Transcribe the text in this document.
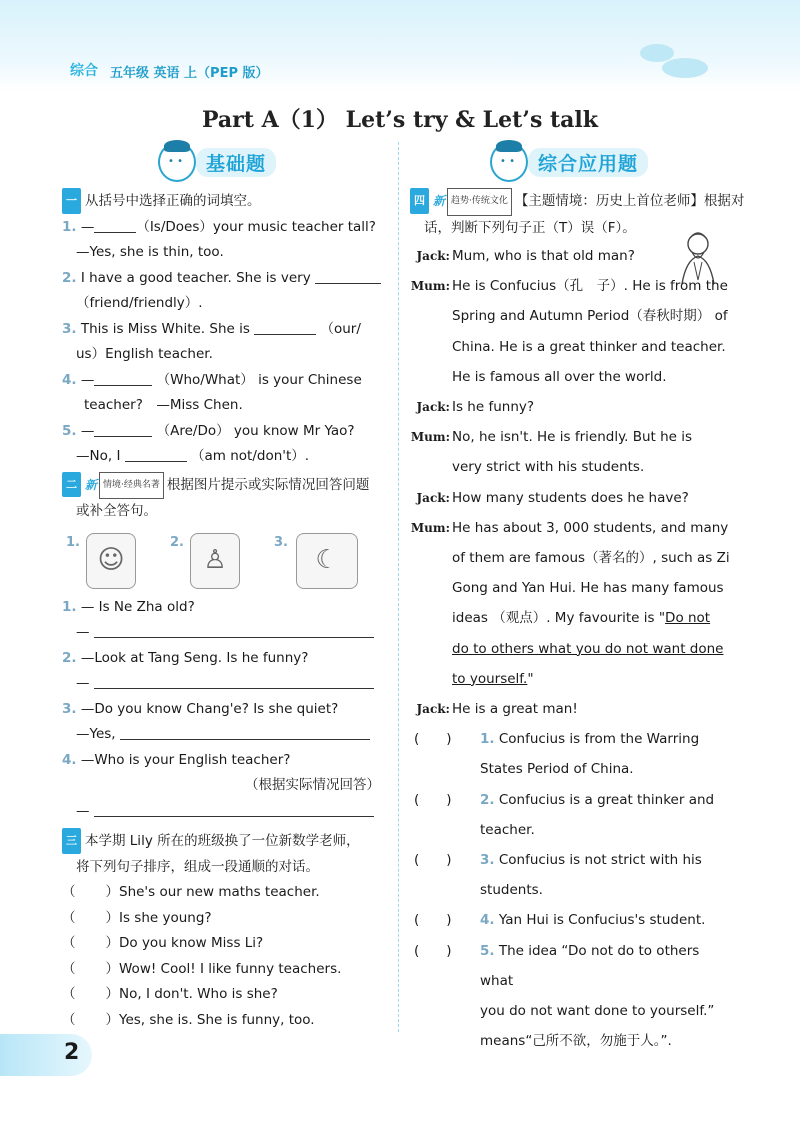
综合 五年级 英语 上（PEP 版）
Part A（1） Let’s try & Let’s talk
• •
基础题
一 从括号中选择正确的词填空。
1. —	（Is/Does）your music teacher tall?
—Yes, she is thin, too.
2. I have a good teacher. She is very
（friend/friendly）.
3. This is Miss White. She is	（our/
us）English teacher.
4. —	（Who/What） is your Chinese
teacher?　—Miss Chen.
5. —	（Are/Do） you know Mr Yao?
—No, I	（am not/don't）.
二 新 情境·经典名著 根据图片提示或实际情况回答问题
或补全答句。
1.
☺
2.
♙
3.
☾
1. — Is Ne Zha old?
—
2. —Look at Tang Seng. Is he funny?
—
3. —Do you know Chang'e? Is she quiet?
—Yes,
4. —Who is your English teacher?
（根据实际情况回答）
—
三 本学期 Lily 所在的班级换了一位新数学老师，
将下列句子排序，组成一段通顺的对话。
（ ）She's our new maths teacher.
（ ）Is she young?
（ ）Do you know Miss Li?
（ ）Wow! Cool! I like funny teachers.
（ ）No, I don't. Who is she?
（ ）Yes, she is. She is funny, too.
• •
综合应用题
四 新 趋势·传统文化 【主题情境：历史上首位老师】根据对
话，判断下列句子正（T）误（F）。
Jack: Mum, who is that old man?
Mum: He is Confucius（孔　子）. He is from the
Spring and Autumn Period（春秋时期） of
China. He is a great thinker and teacher.
He is famous all over the world.
Jack: Is he funny?
Mum: No, he isn't. He is friendly. But he is
very strict with his students.
Jack: How many students does he have?
Mum: He has about 3, 000 students, and many
of them are famous（著名的）, such as Zi
Gong and Yan Hui. He has many famous
ideas （观点）. My favourite is "Do not
do to others what you do not want done
to yourself."
Jack: He is a great man!
(　　) 1. Confucius is from the Warring
States Period of China.
(　　) 2. Confucius is a great thinker and
teacher.
(　　) 3. Confucius is not strict with his
students.
(　　) 4. Yan Hui is Confucius's student.
(　　) 5. The idea “Do not do to others what
you do not want done to yourself.”
means“己所不欲，勿施于人。”.
2
